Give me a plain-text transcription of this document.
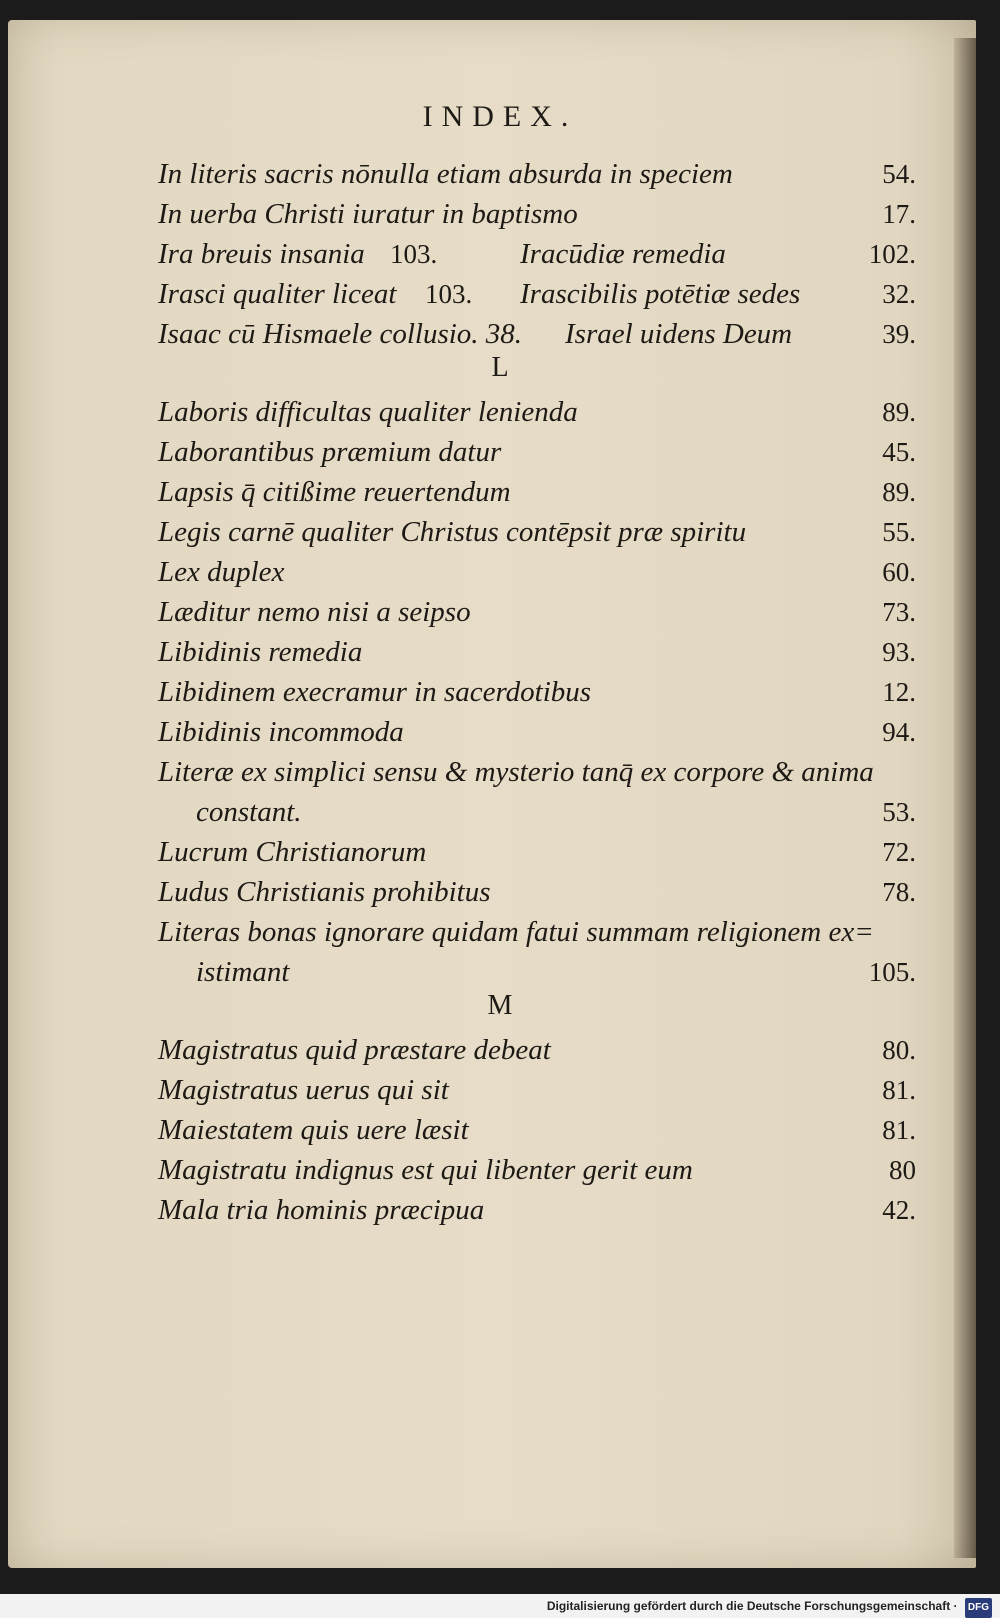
INDEX.
In literis sacris nōnulla etiam absurda in speciem	54.
In uerba Christi iuratur in baptismo	17.
Ira breuis insania 103.	Iracūdiæ remedia	102.
Irasci qualiter liceat 103. Irascibilis potētiæ sedes	32.
Isaac cū Hismaele collusio. 38. Israel uidens Deum	39.
L
Laboris difficultas qualiter lenienda	89.
Laborantibus præmium datur	45.
Lapsis q̄ citißime reuertendum	89.
Legis carnē qualiter Christus contēpsit præ spiritu	55.
Lex duplex	60.
Læditur nemo nisi a seipso	73.
Libidinis remedia	93.
Libidinem execramur in sacerdotibus	12.
Libidinis incommoda	94.
Literæ ex simplici sensu & mysterio tanq̄ ex corpore & anima
constant.	53.
Lucrum Christianorum	72.
Ludus Christianis prohibitus	78.
Literas bonas ignorare quidam fatui summam religionem ex=
istimant	105.
M
Magistratus quid præstare debeat	80.
Magistratus uerus qui sit	81.
Maiestatem quis uere læsit	81.
Magistratu indignus est qui libenter gerit eum	80
Mala tria hominis præcipua	42.
Digitalisierung gefördert durch die Deutsche Forschungsgemeinschaft · DFG
